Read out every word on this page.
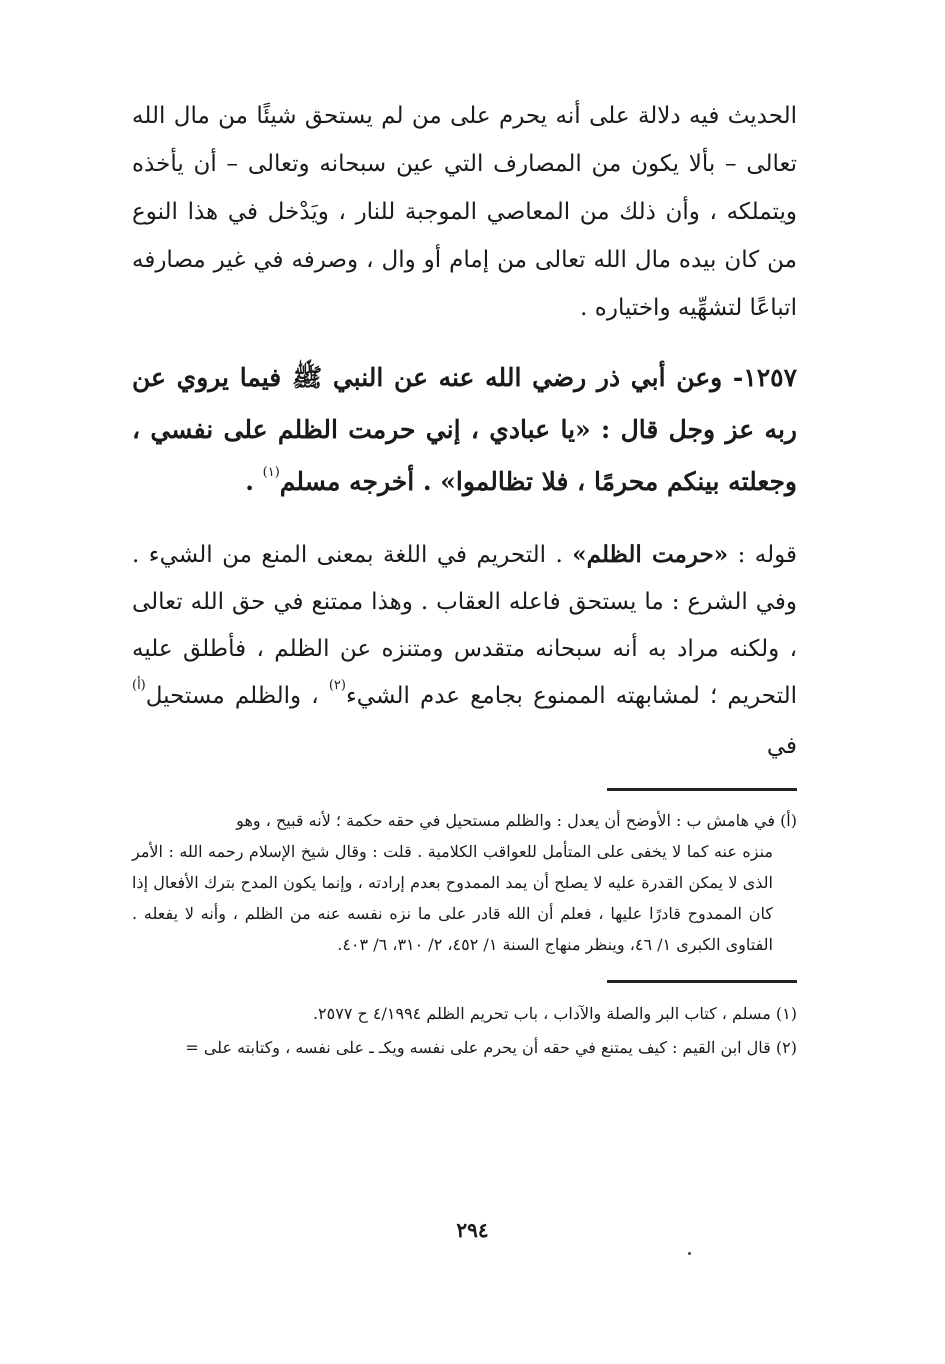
الحديث فيه دلالة على أنه يحرم على من لم يستحق شيئًا من مال الله تعالى – بألا يكون من المصارف التي عين سبحانه وتعالى – أن يأخذه ويتملكه ، وأن ذلك من المعاصي الموجبة للنار ، ويَدْخل في هذا النوع من كان بيده مال الله تعالى من إمام أو وال ، وصرفه في غير مصارفه اتباعًا لتشهِّيه واختياره .

١٢٥٧- وعن أبي ذر رضي الله عنه عن النبي ﷺ فيما يروي عن ربه عز وجل قال : «يا عبادي ، إني حرمت الظلم على نفسي ، وجعلته بينكم محرمًا ، فلا تظالموا» . أخرجه مسلم$^{(١)}$ .

قوله : «حرمت الظلم» . التحريم في اللغة بمعنى المنع من الشيء . وفي الشرع : ما يستحق فاعله العقاب . وهذا ممتنع في حق الله تعالى ، ولكنه مراد به أنه سبحانه متقدس ومتنزه عن الظلم ، فأطلق عليه التحريم ؛ لمشابهته الممنوع بجامع عدم الشيء$^{(٢)}$ ، والظلم مستحيل$^{(أ)}$ في

(أ) في هامش ب : الأوضح أن يعدل : والظلم مستحيل في حقه حكمة ؛ لأنه قبيح ، وهو
منزه عنه كما لا يخفى على المتأمل للعواقب الكلامية . قلت : وقال شيخ الإسلام رحمه الله : الأمر الذى لا يمكن القدرة عليه لا يصلح أن يمد الممدوح بعدم إرادته ، وإنما يكون المدح بترك الأفعال إذا كان الممدوح قادرًا عليها ، فعلم أن الله قادر على ما نزه نفسه عنه من الظلم ، وأنه لا يفعله . الفتاوى الكبرى ١/ ٤٦، وينظر منهاج السنة ١/ ٤٥٢، ٢/ ٣١٠، ٦/ ٤٠٣.

(١) مسلم ، كتاب البر والصلة والآداب ، باب تحريم الظلم ٤/١٩٩٤ ح ٢٥٧٧.

(٢) قال ابن القيم : كيف يمتنع في حقه أن يحرم على نفسه ويكـ ـ على نفسه ، وكتابته على =

٢٩٤
